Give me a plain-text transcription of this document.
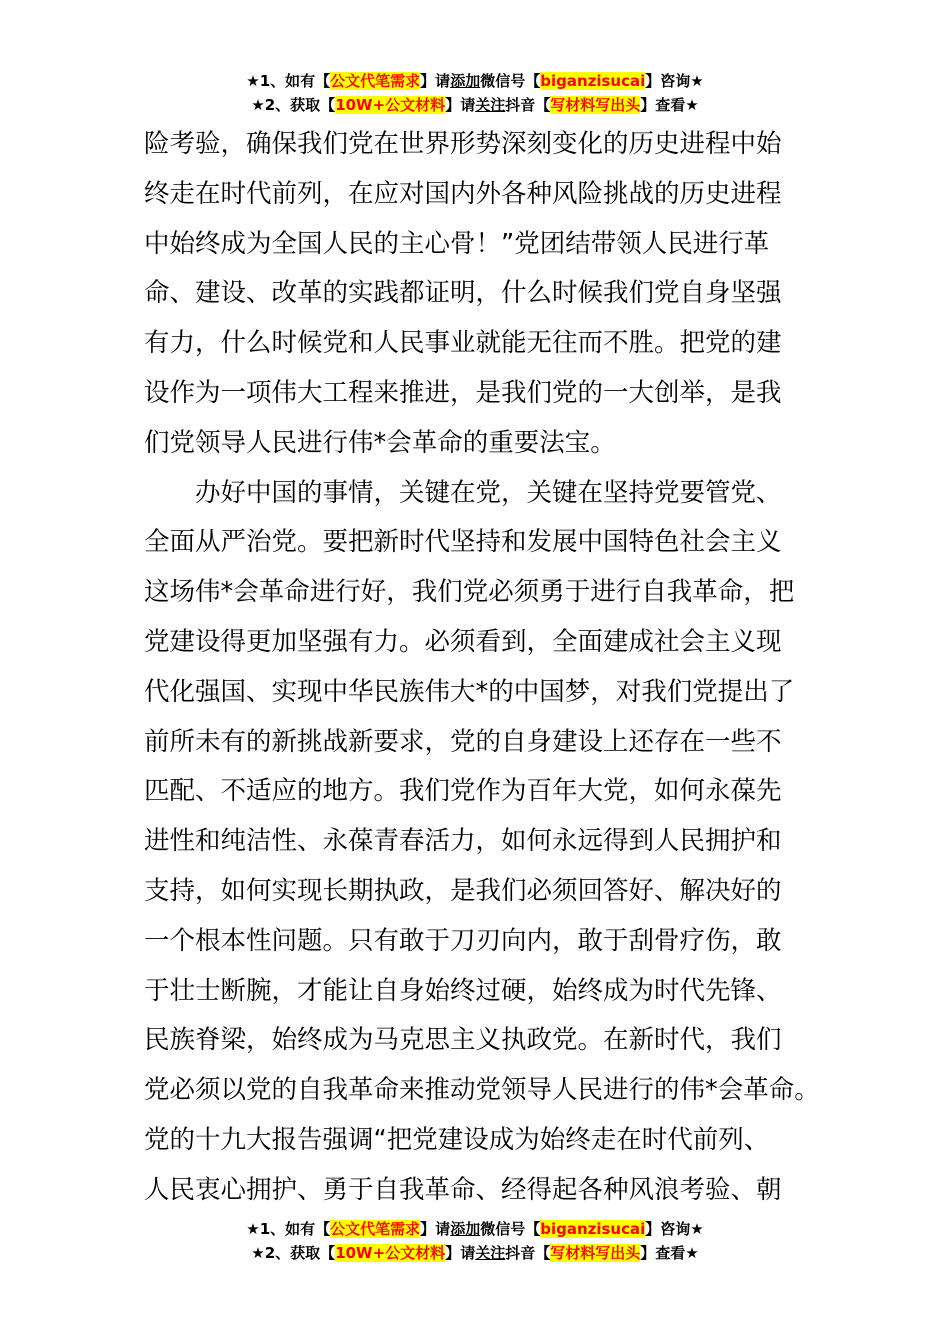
★1、如有【公文代笔需求】请添加微信号【biganzisucai】咨询★
★2、获取【10W+公文材料】请关注抖音【写材料写出头】查看★
险考验，确保我们党在世界形势深刻变化的历史进程中始
终走在时代前列，在应对国内外各种风险挑战的历史进程
中始终成为全国人民的主心骨！”党团结带领人民进行革
命、建设、改革的实践都证明，什么时候我们党自身坚强
有力，什么时候党和人民事业就能无往而不胜。把党的建
设作为一项伟大工程来推进，是我们党的一大创举，是我
们党领导人民进行伟*会革命的重要法宝。
办好中国的事情，关键在党，关键在坚持党要管党、
全面从严治党。要把新时代坚持和发展中国特色社会主义
这场伟*会革命进行好，我们党必须勇于进行自我革命，把
党建设得更加坚强有力。必须看到，全面建成社会主义现
代化强国、实现中华民族伟大*的中国梦，对我们党提出了
前所未有的新挑战新要求，党的自身建设上还存在一些不
匹配、不适应的地方。我们党作为百年大党，如何永葆先
进性和纯洁性、永葆青春活力，如何永远得到人民拥护和
支持，如何实现长期执政，是我们必须回答好、解决好的
一个根本性问题。只有敢于刀刃向内，敢于刮骨疗伤，敢
于壮士断腕，才能让自身始终过硬，始终成为时代先锋、
民族脊梁，始终成为马克思主义执政党。在新时代，我们
党必须以党的自我革命来推动党领导人民进行的伟*会革命。
党的十九大报告强调“把党建设成为始终走在时代前列、
人民衷心拥护、勇于自我革命、经得起各种风浪考验、朝
★1、如有【公文代笔需求】请添加微信号【biganzisucai】咨询★
★2、获取【10W+公文材料】请关注抖音【写材料写出头】查看★
